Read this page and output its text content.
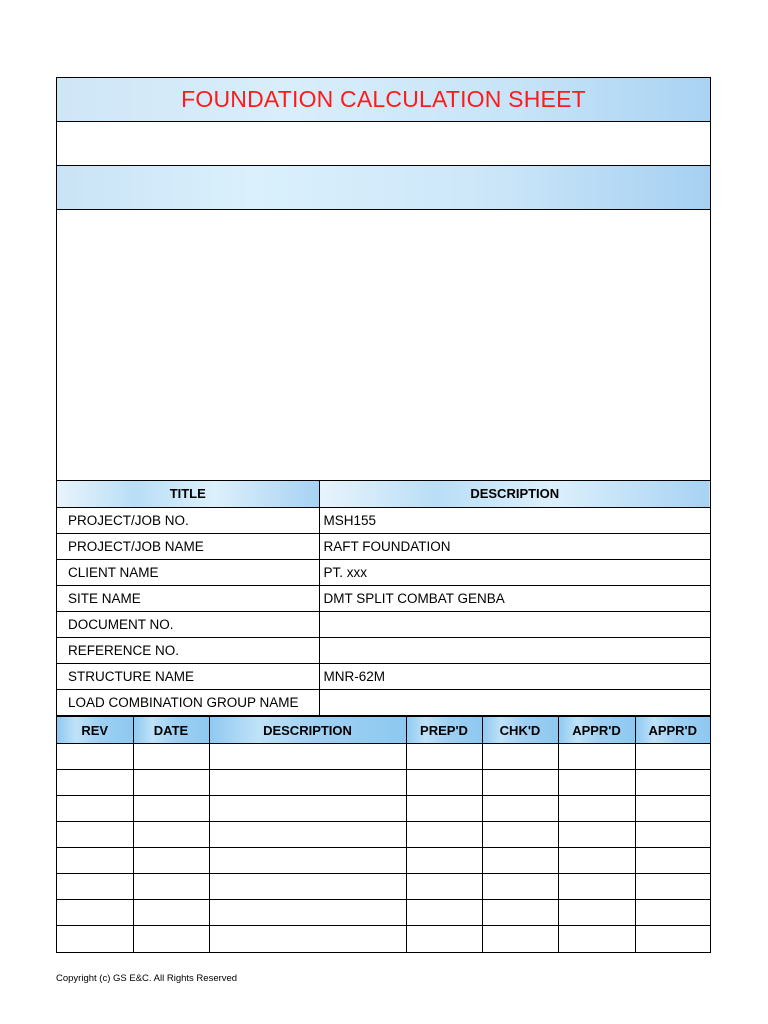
FOUNDATION CALCULATION SHEET
TITLE	DESCRIPTION
PROJECT/JOB NO.	MSH155
PROJECT/JOB NAME	RAFT FOUNDATION
CLIENT NAME	PT. xxx
SITE NAME	DMT SPLIT COMBAT GENBA
DOCUMENT NO.	
REFERENCE NO.	
STRUCTURE NAME	MNR-62M
LOAD COMBINATION GROUP NAME	
REV	DATE	DESCRIPTION	PREP'D	CHK'D	APPR'D	APPR'D

Copyright (c) GS E&C. All Rights Reserved
